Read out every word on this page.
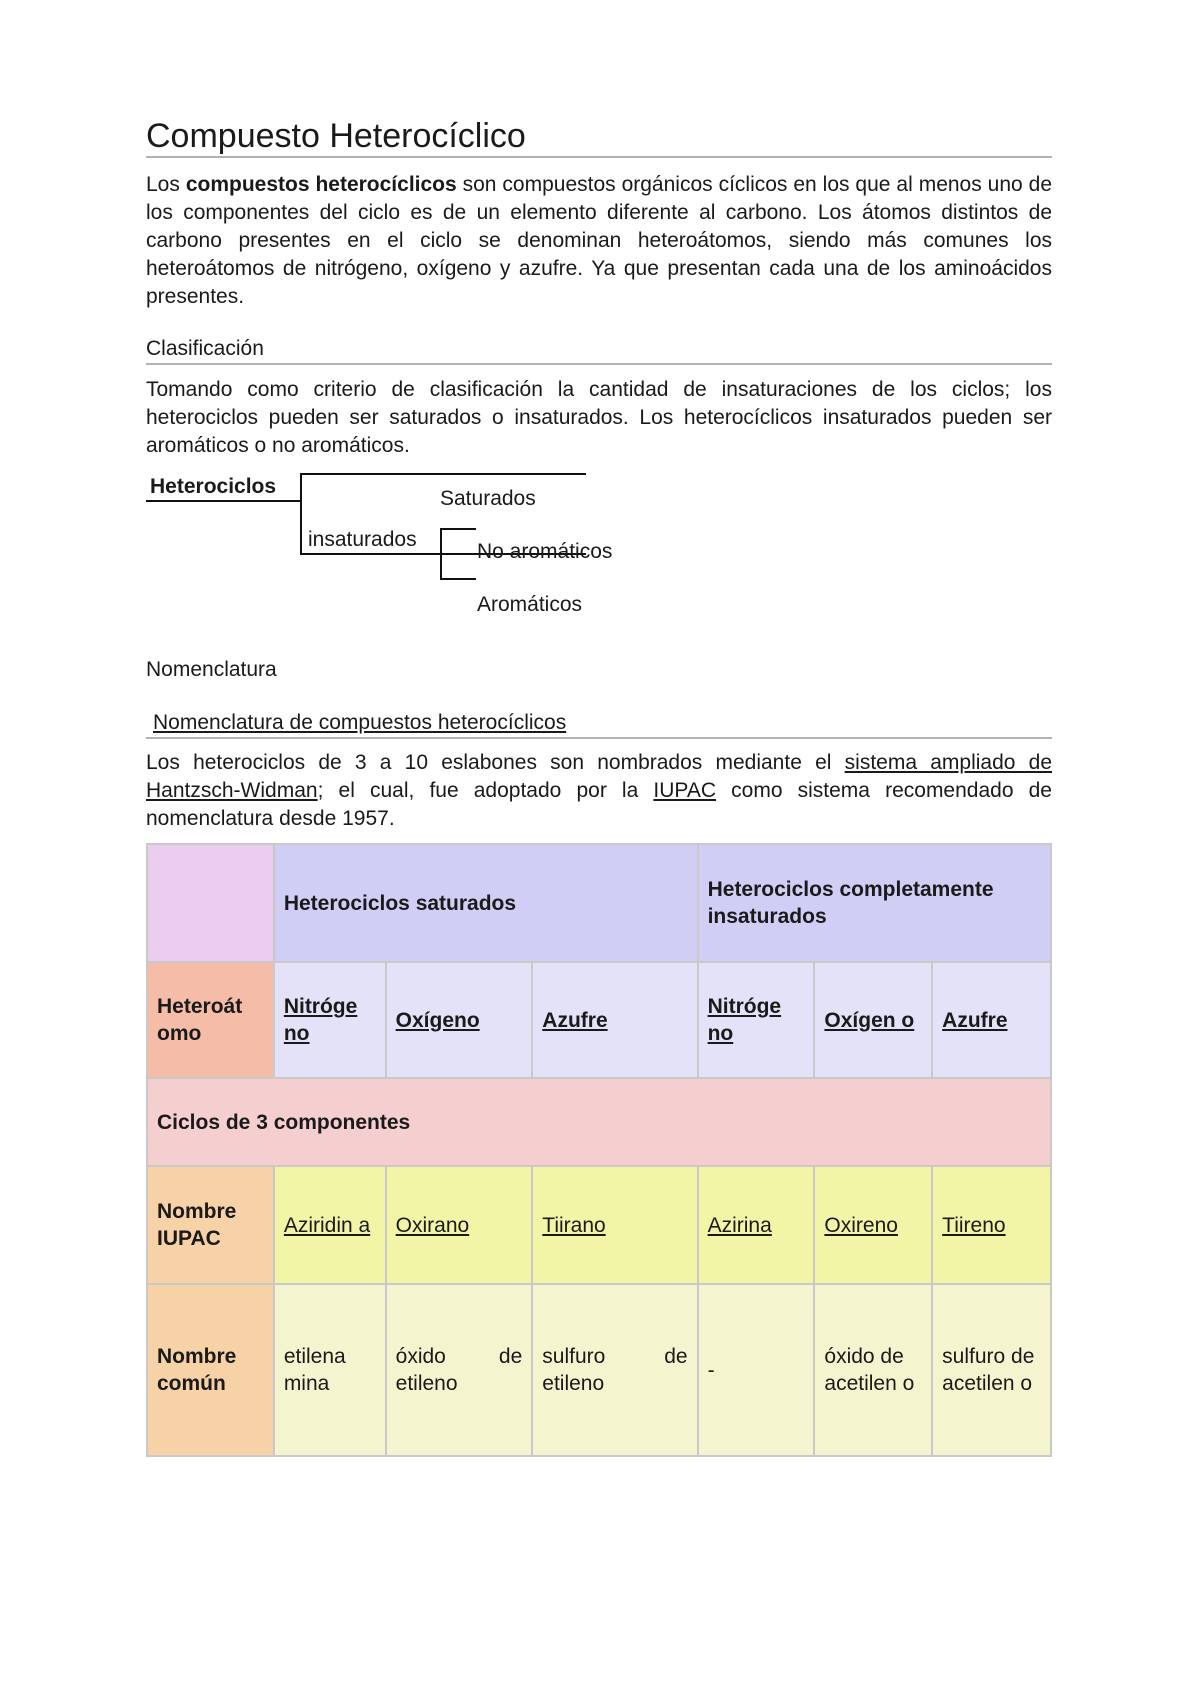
Compuesto Heterocíclico

Los compuestos heterocíclicos son compuestos orgánicos cíclicos en los que al menos uno de los componentes del ciclo es de un elemento diferente al carbono. Los átomos distintos de carbono presentes en el ciclo se denominan heteroátomos, siendo más comunes los heteroátomos de nitrógeno, oxígeno y azufre. Ya que presentan cada una de los aminoácidos presentes.

Clasificación

Tomando como criterio de clasificación la cantidad de insaturaciones de los ciclos; los heterociclos pueden ser saturados o insaturados. Los heterocíclicos insaturados pueden ser aromáticos o no aromáticos.

Heterociclos
Saturados
insaturados
No aromáticos
Aromáticos

Nomenclatura

Nomenclatura de compuestos heterocíclicos

Los heterociclos de 3 a 10 eslabones son nombrados mediante el sistema ampliado de Hantzsch-Widman; el cual, fue adoptado por la IUPAC como sistema recomendado de nomenclatura desde 1957.

	Heterociclos saturados			Heterociclos completamente insaturados		
Heteroát omo	Nitróge no	Oxígeno	Azufre	Nitróge no	Oxígen o	Azufre
Ciclos de 3 componentes						
Nombre IUPAC	Aziridin a	Oxirano	Tiirano	Azirina	Oxireno	Tiireno
Nombre común	etilena mina	óxido de etileno	sulfuro de etileno	-	óxido de acetilen o	sulfuro de acetilen o
